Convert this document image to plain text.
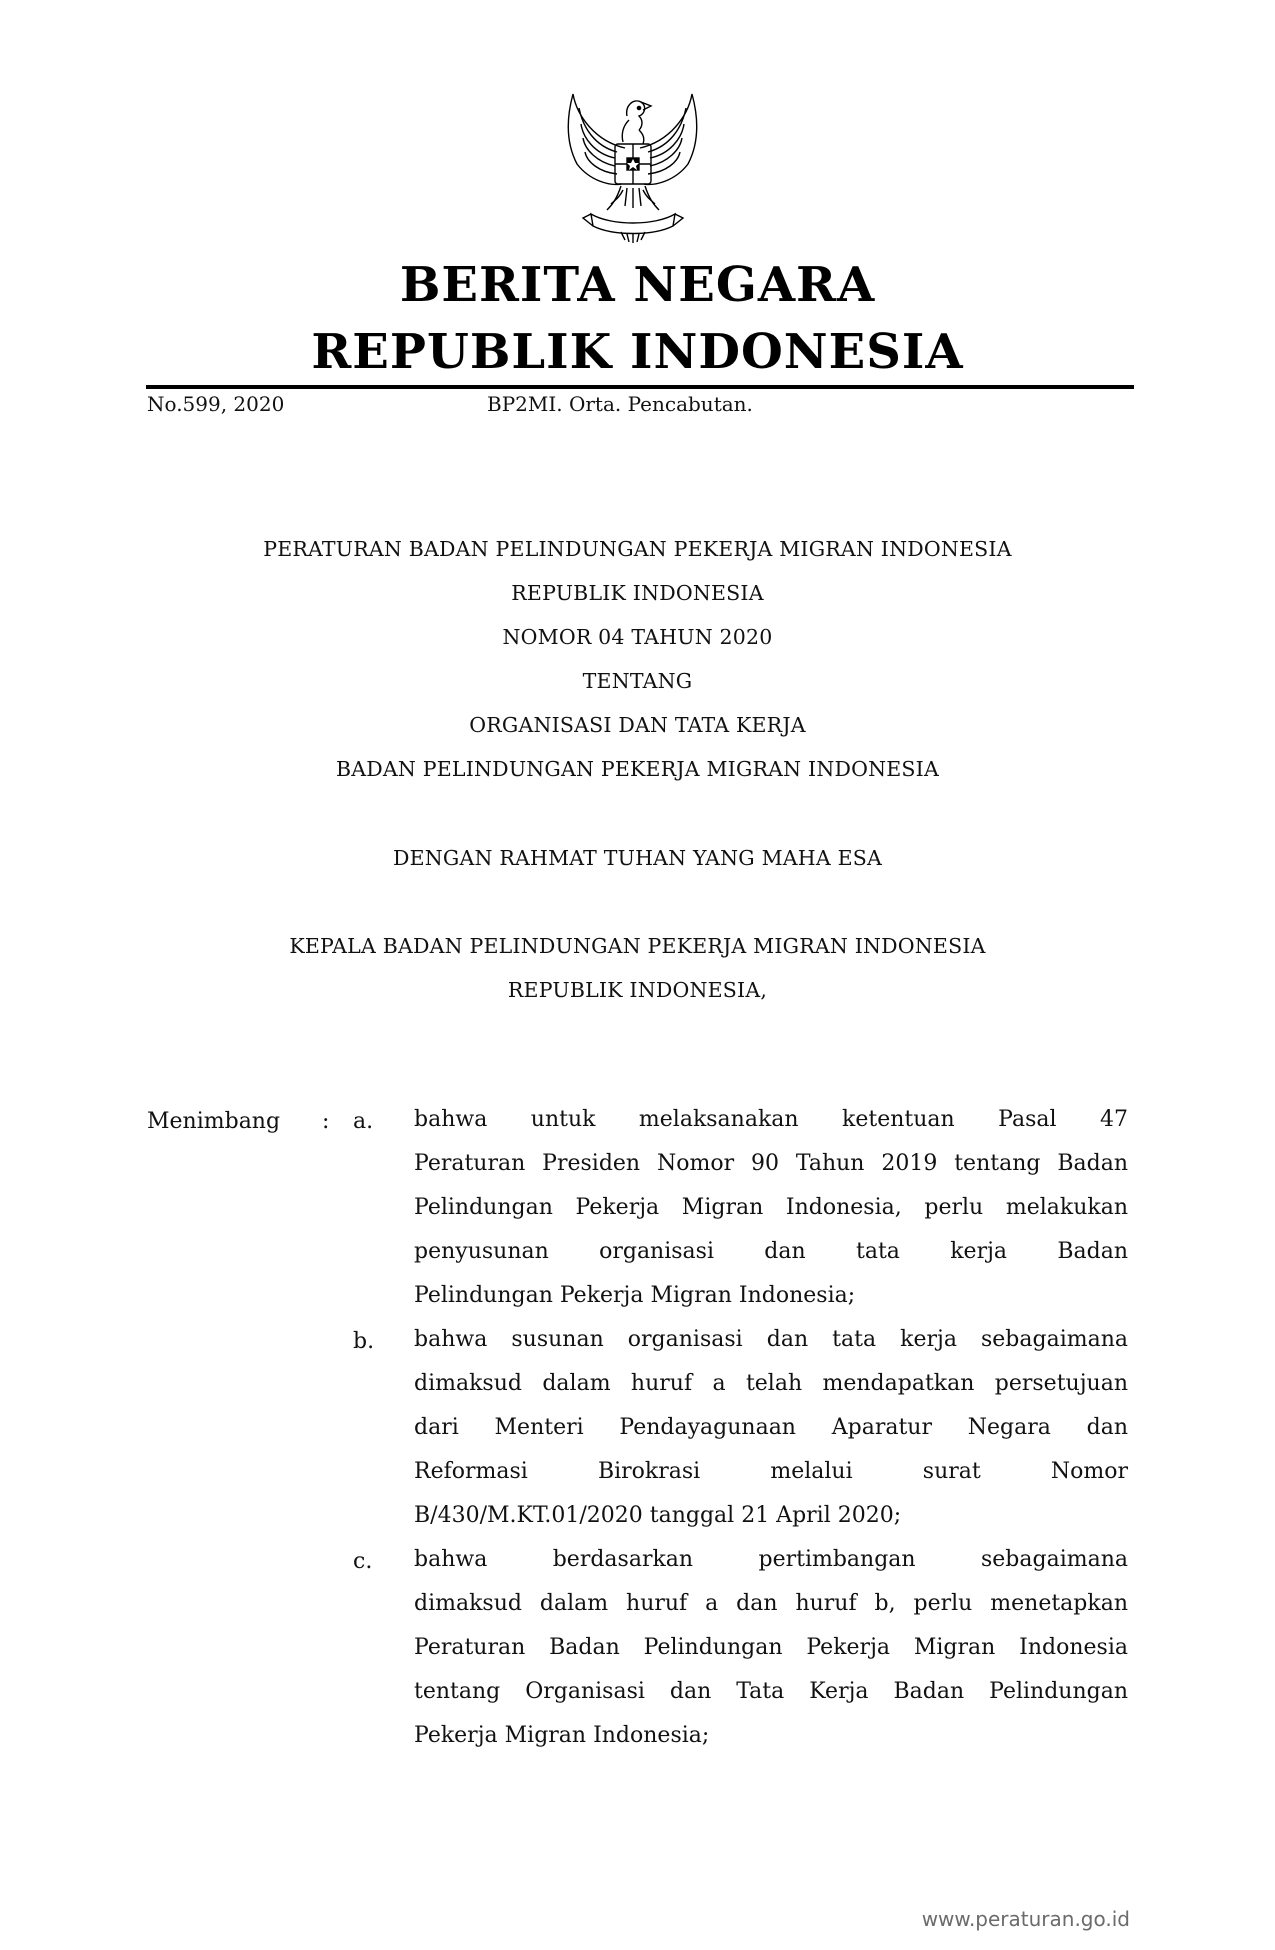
BERITA NEGARA
REPUBLIK INDONESIA
No.599, 2020	BP2MI. Orta. Pencabutan.
PERATURAN BADAN PELINDUNGAN PEKERJA MIGRAN INDONESIA
REPUBLIK INDONESIA
NOMOR 04 TAHUN 2020
TENTANG
ORGANISASI DAN TATA KERJA
BADAN PELINDUNGAN PEKERJA MIGRAN INDONESIA
DENGAN RAHMAT TUHAN YANG MAHA ESA
KEPALA BADAN PELINDUNGAN PEKERJA MIGRAN INDONESIA
REPUBLIK INDONESIA,
Menimbang : a. bahwa untuk melaksanakan ketentuan Pasal 47
Peraturan Presiden Nomor 90 Tahun 2019 tentang Badan
Pelindungan Pekerja Migran Indonesia, perlu melakukan
penyusunan organisasi dan tata kerja Badan
Pelindungan Pekerja Migran Indonesia;
b. bahwa susunan organisasi dan tata kerja sebagaimana
dimaksud dalam huruf a telah mendapatkan persetujuan
dari Menteri Pendayagunaan Aparatur Negara dan
Reformasi Birokrasi melalui surat Nomor
B/430/M.KT.01/2020 tanggal 21 April 2020;
c. bahwa berdasarkan pertimbangan sebagaimana
dimaksud dalam huruf a dan huruf b, perlu menetapkan
Peraturan Badan Pelindungan Pekerja Migran Indonesia
tentang Organisasi dan Tata Kerja Badan Pelindungan
Pekerja Migran Indonesia;
www.peraturan.go.id
